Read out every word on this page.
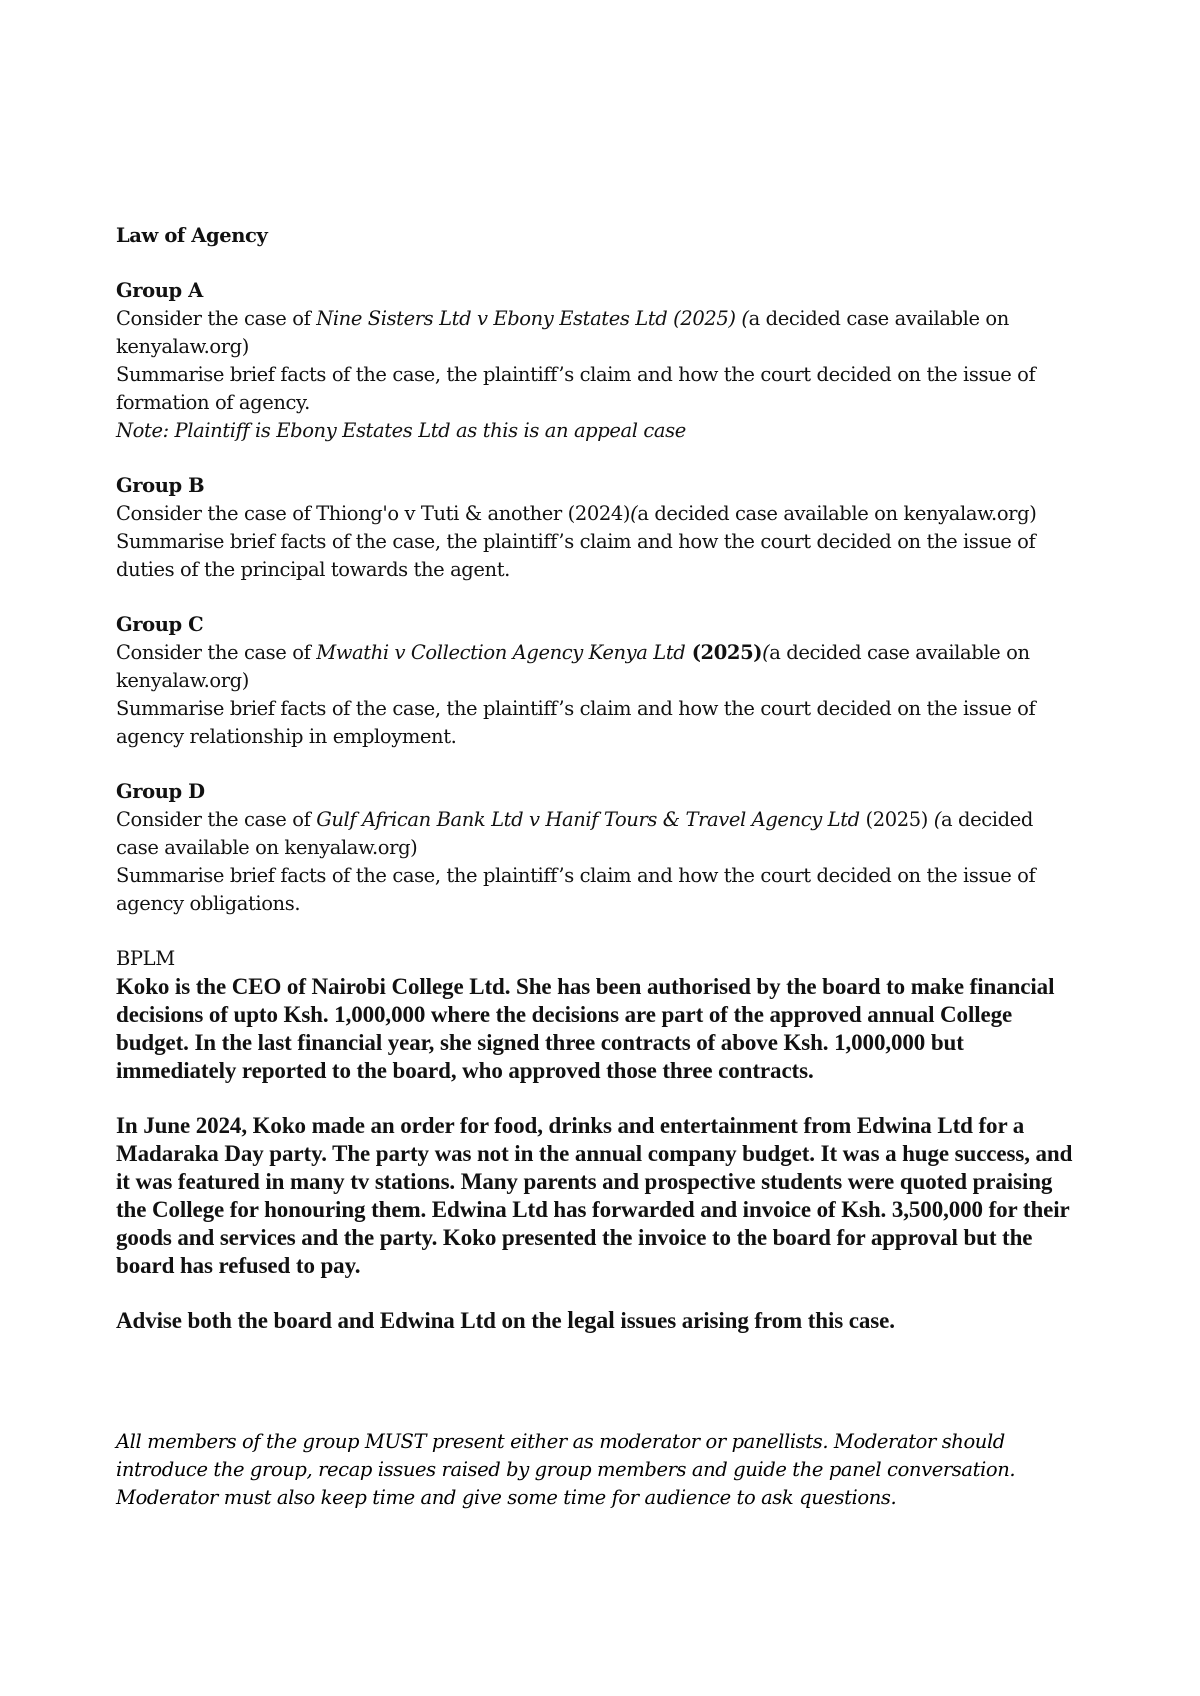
Law of Agency

Group A

Consider the case of Nine Sisters Ltd v Ebony Estates Ltd (2025) (a decided case available on kenyalaw.org)

Summarise brief facts of the case, the plaintiff’s claim and how the court decided on the issue of formation of agency.

Note: Plaintiff is Ebony Estates Ltd as this is an appeal case

Group B

Consider the case of Thiong'o v Tuti & another (2024)(a decided case available on kenyalaw.org)

Summarise brief facts of the case, the plaintiff’s claim and how the court decided on the issue of duties of the principal towards the agent.

Group C

Consider the case of Mwathi v Collection Agency Kenya Ltd (2025)(a decided case available on kenyalaw.org)

Summarise brief facts of the case, the plaintiff’s claim and how the court decided on the issue of agency relationship in employment.

Group D

Consider the case of Gulf African Bank Ltd v Hanif Tours & Travel Agency Ltd (2025) (a decided case available on kenyalaw.org)

Summarise brief facts of the case, the plaintiff’s claim and how the court decided on the issue of agency obligations.

BPLM

Koko is the CEO of Nairobi College Ltd. She has been authorised by the board to make financial decisions of upto Ksh. 1,000,000 where the decisions are part of the approved annual College budget. In the last financial year, she signed three contracts of above Ksh. 1,000,000 but immediately reported to the board, who approved those three contracts.

In June 2024, Koko made an order for food, drinks and entertainment from Edwina Ltd for a Madaraka Day party. The party was not in the annual company budget. It was a huge success, and it was featured in many tv stations. Many parents and prospective students were quoted praising the College for honouring them. Edwina Ltd has forwarded and invoice of Ksh. 3,500,000 for their goods and services and the party. Koko presented the invoice to the board for approval but the board has refused to pay.

Advise both the board and Edwina Ltd on the legal issues arising from this case.

All members of the group MUST present either as moderator or panellists. Moderator should introduce the group, recap issues raised by group members and guide the panel conversation. Moderator must also keep time and give some time for audience to ask questions.
